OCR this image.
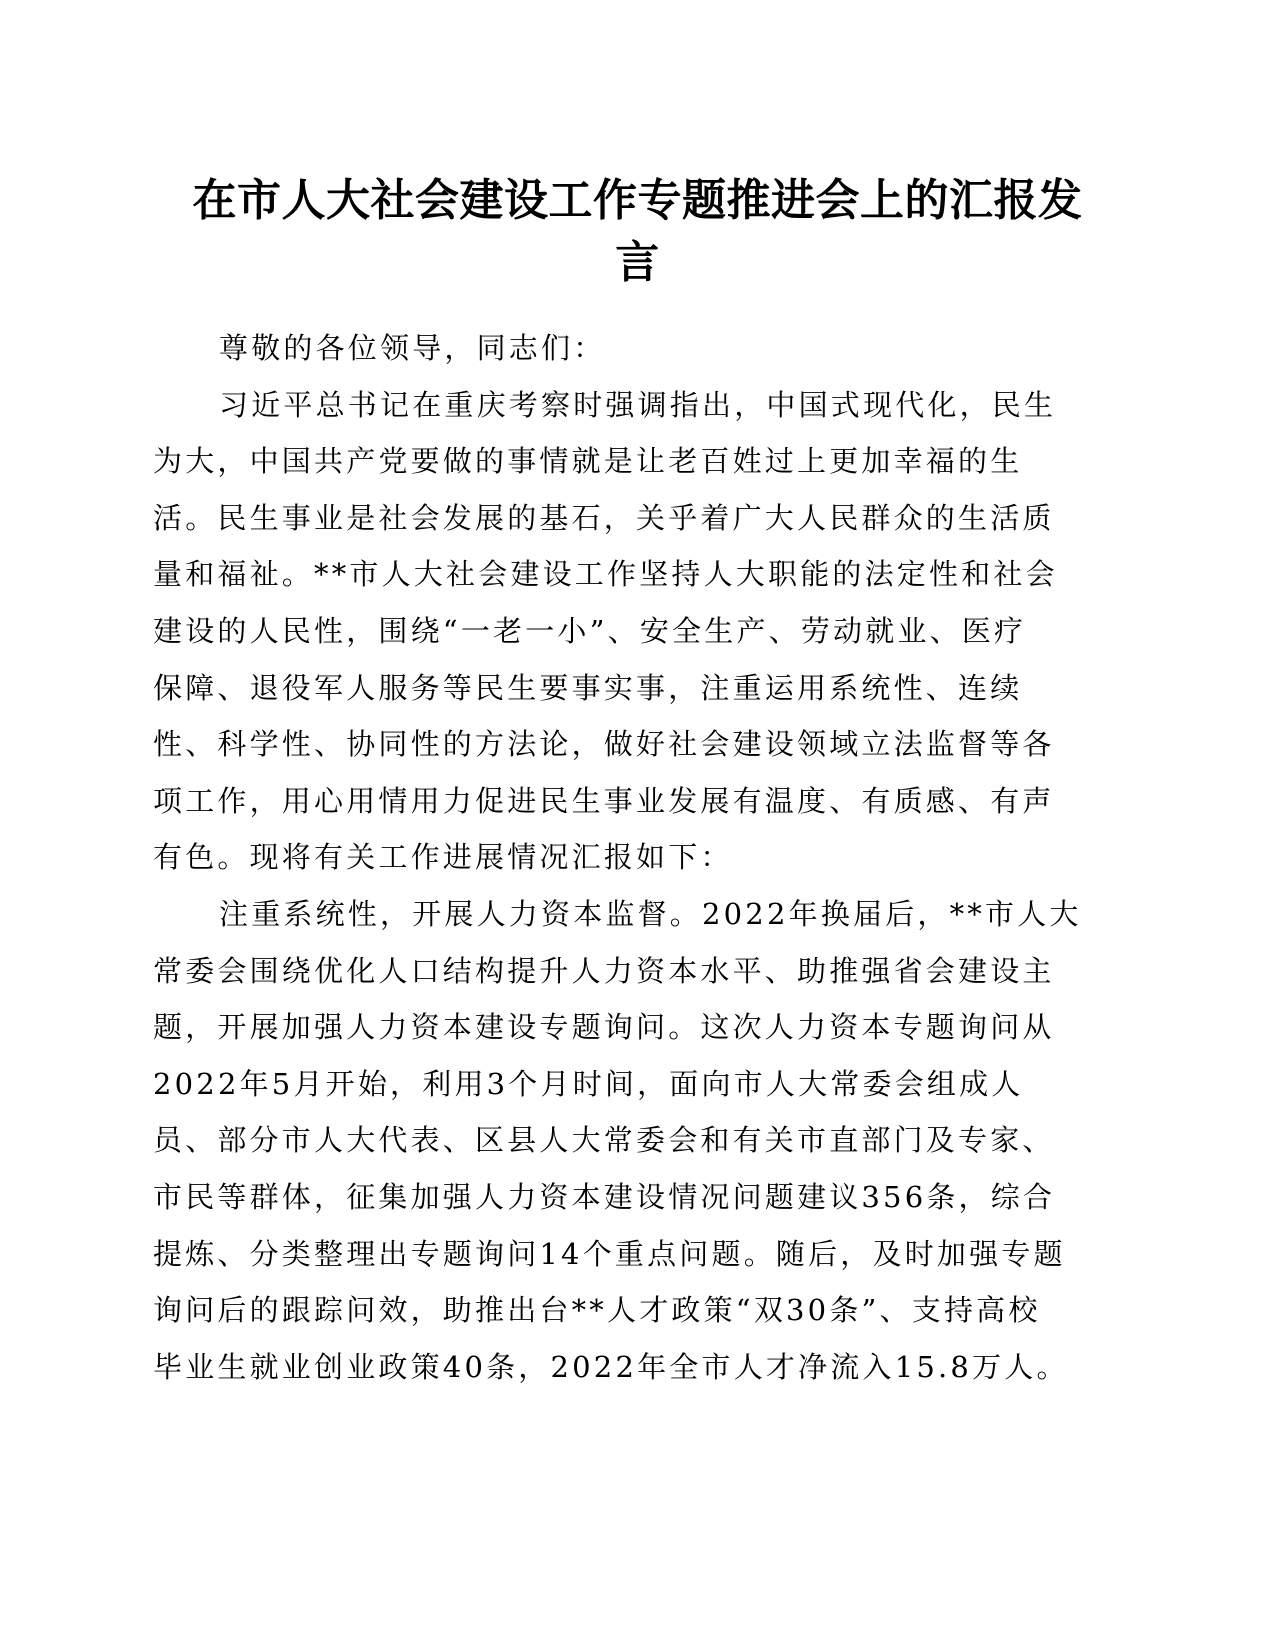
在市人大社会建设工作专题推进会上的汇报发
言
尊敬的各位领导，同志们：
习近平总书记在重庆考察时强调指出，中国式现代化，民生
为大，中国共产党要做的事情就是让老百姓过上更加幸福的生
活。民生事业是社会发展的基石，关乎着广大人民群众的生活质
量和福祉。**市人大社会建设工作坚持人大职能的法定性和社会
建设的人民性，围绕“一老一小”、安全生产、劳动就业、医疗
保障、退役军人服务等民生要事实事，注重运用系统性、连续
性、科学性、协同性的方法论，做好社会建设领域立法监督等各
项工作，用心用情用力促进民生事业发展有温度、有质感、有声
有色。现将有关工作进展情况汇报如下：
注重系统性，开展人力资本监督。2022年换届后，**市人大
常委会围绕优化人口结构提升人力资本水平、助推强省会建设主
题，开展加强人力资本建设专题询问。这次人力资本专题询问从
2022年5月开始，利用3个月时间，面向市人大常委会组成人
员、部分市人大代表、区县人大常委会和有关市直部门及专家、
市民等群体，征集加强人力资本建设情况问题建议356条，综合
提炼、分类整理出专题询问14个重点问题。随后，及时加强专题
询问后的跟踪问效，助推出台**人才政策“双30条”、支持高校
毕业生就业创业政策40条，2022年全市人才净流入15.8万人。
